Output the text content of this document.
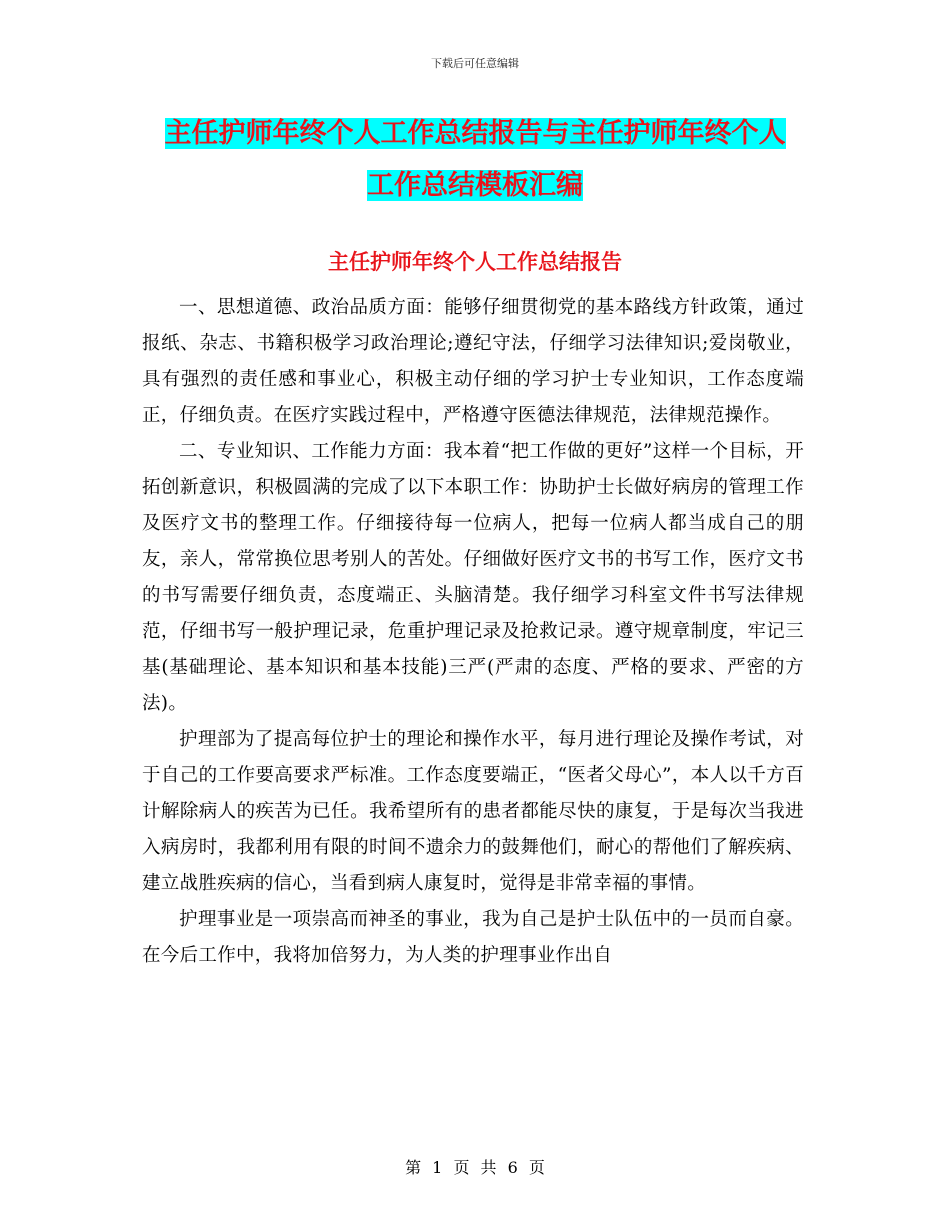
下载后可任意编辑
主任护师年终个人工作总结报告与主任护师年终个人
工作总结模板汇编
主任护师年终个人工作总结报告

一、思想道德、政治品质方面：能够仔细贯彻党的基本路线方针政策，通过报纸、杂志、书籍积极学习政治理论;遵纪守法，仔细学习法律知识;爱岗敬业，具有强烈的责任感和事业心，积极主动仔细的学习护士专业知识，工作态度端正，仔细负责。在医疗实践过程中，严格遵守医德法律规范，法律规范操作。

二、专业知识、工作能力方面：我本着“把工作做的更好”这样一个目标，开拓创新意识，积极圆满的完成了以下本职工作：协助护士长做好病房的管理工作及医疗文书的整理工作。仔细接待每一位病人，把每一位病人都当成自己的朋友，亲人，常常换位思考别人的苦处。仔细做好医疗文书的书写工作，医疗文书的书写需要仔细负责，态度端正、头脑清楚。我仔细学习科室文件书写法律规范，仔细书写一般护理记录，危重护理记录及抢救记录。遵守规章制度，牢记三基(基础理论、基本知识和基本技能)三严(严肃的态度、严格的要求、严密的方法)。

护理部为了提高每位护士的理论和操作水平，每月进行理论及操作考试，对于自己的工作要高要求严标准。工作态度要端正，“医者父母心”，本人以千方百计解除病人的疾苦为已任。我希望所有的患者都能尽快的康复，于是每次当我进入病房时，我都利用有限的时间不遗余力的鼓舞他们，耐心的帮他们了解疾病、建立战胜疾病的信心，当看到病人康复时，觉得是非常幸福的事情。

护理事业是一项崇高而神圣的事业，我为自己是护士队伍中的一员而自豪。在今后工作中，我将加倍努力，为人类的护理事业作出自

第 1 页 共 6 页
